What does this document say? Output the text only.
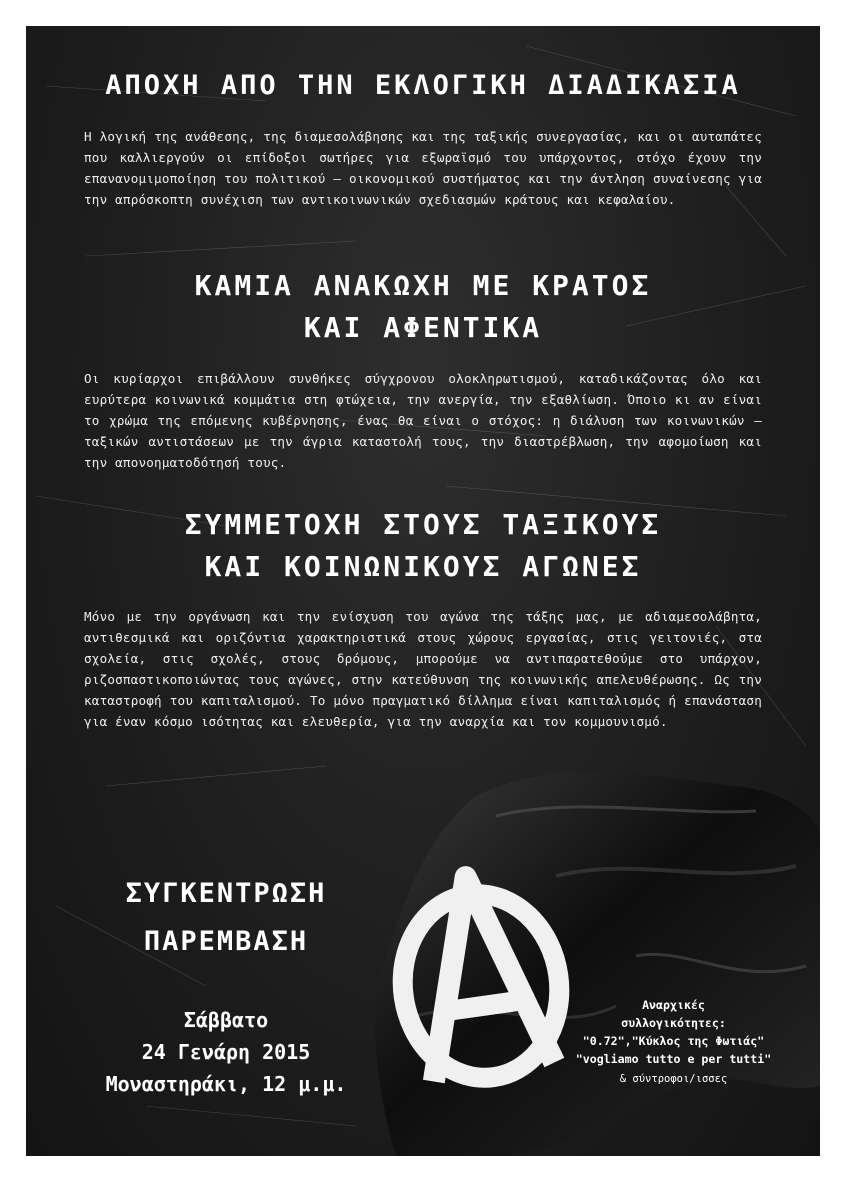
ΑΠΟΧΗ ΑΠΟ ΤΗΝ ΕΚΛΟΓΙΚΗ ΔΙΑΔΙΚΑΣΙΑ
Η λογική της ανάθεσης, της διαμεσολάβησης και της ταξικής συνεργασίας, και οι αυταπάτες που καλλιεργούν οι επίδοξοι σωτήρες για εξωραϊσμό του υπάρχοντος, στόχο έχουν την επανανομιμοποίηση του πολιτικού – οικονομικού συστήματος και την άντληση συναίνεσης για την απρόσκοπτη συνέχιση των αντικοινωνικών σχεδιασμών κράτους και κεφαλαίου.
ΚΑΜΙΑ ΑΝΑΚΩΧΗ ΜΕ ΚΡΑΤΟΣ
ΚΑΙ ΑΦΕΝΤΙΚΑ
Οι κυρίαρχοι επιβάλλουν συνθήκες σύγχρονου ολοκληρωτισμού, καταδικάζοντας όλο και ευρύτερα κοινωνικά κομμάτια στη φτώχεια, την ανεργία, την εξαθλίωση. Όποιο κι αν είναι το χρώμα της επόμενης κυβέρνησης, ένας θα είναι ο στόχος: η διάλυση των κοινωνικών – ταξικών αντιστάσεων με την άγρια καταστολή τους, την διαστρέβλωση, την αφομοίωση και την απονοηματοδότησή τους.
ΣΥΜΜΕΤΟΧΗ ΣΤΟΥΣ ΤΑΞΙΚΟΥΣ
ΚΑΙ ΚΟΙΝΩΝΙΚΟΥΣ ΑΓΩΝΕΣ
Μόνο με την οργάνωση και την ενίσχυση του αγώνα της τάξης μας, με αδιαμεσολάβητα, αντιθεσμικά και οριζόντια χαρακτηριστικά στους χώρους εργασίας, στις γειτονιές, στα σχολεία, στις σχολές, στους δρόμους, μπορούμε να αντιπαρατεθούμε στο υπάρχον, ριζοσπαστικοποιώντας τους αγώνες, στην κατεύθυνση της κοινωνικής απελευθέρωσης. Ως την καταστροφή του καπιταλισμού. Το μόνο πραγματικό δίλλημα είναι καπιταλισμός ή επανάσταση για έναν κόσμο ισότητας και ελευθερία, για την αναρχία και τον κομμουνισμό.
ΣΥΓΚΕΝΤΡΩΣΗ
ΠΑΡΕΜΒΑΣΗ
Σάββατο
24 Γενάρη 2015
Μοναστηράκι, 12 μ.μ.
Αναρχικές
συλλογικότητες:
"0.72","Κύκλος της Φωτιάς"
"vogliamo tutto e per tutti"
& σύντροφοι/ισσες
